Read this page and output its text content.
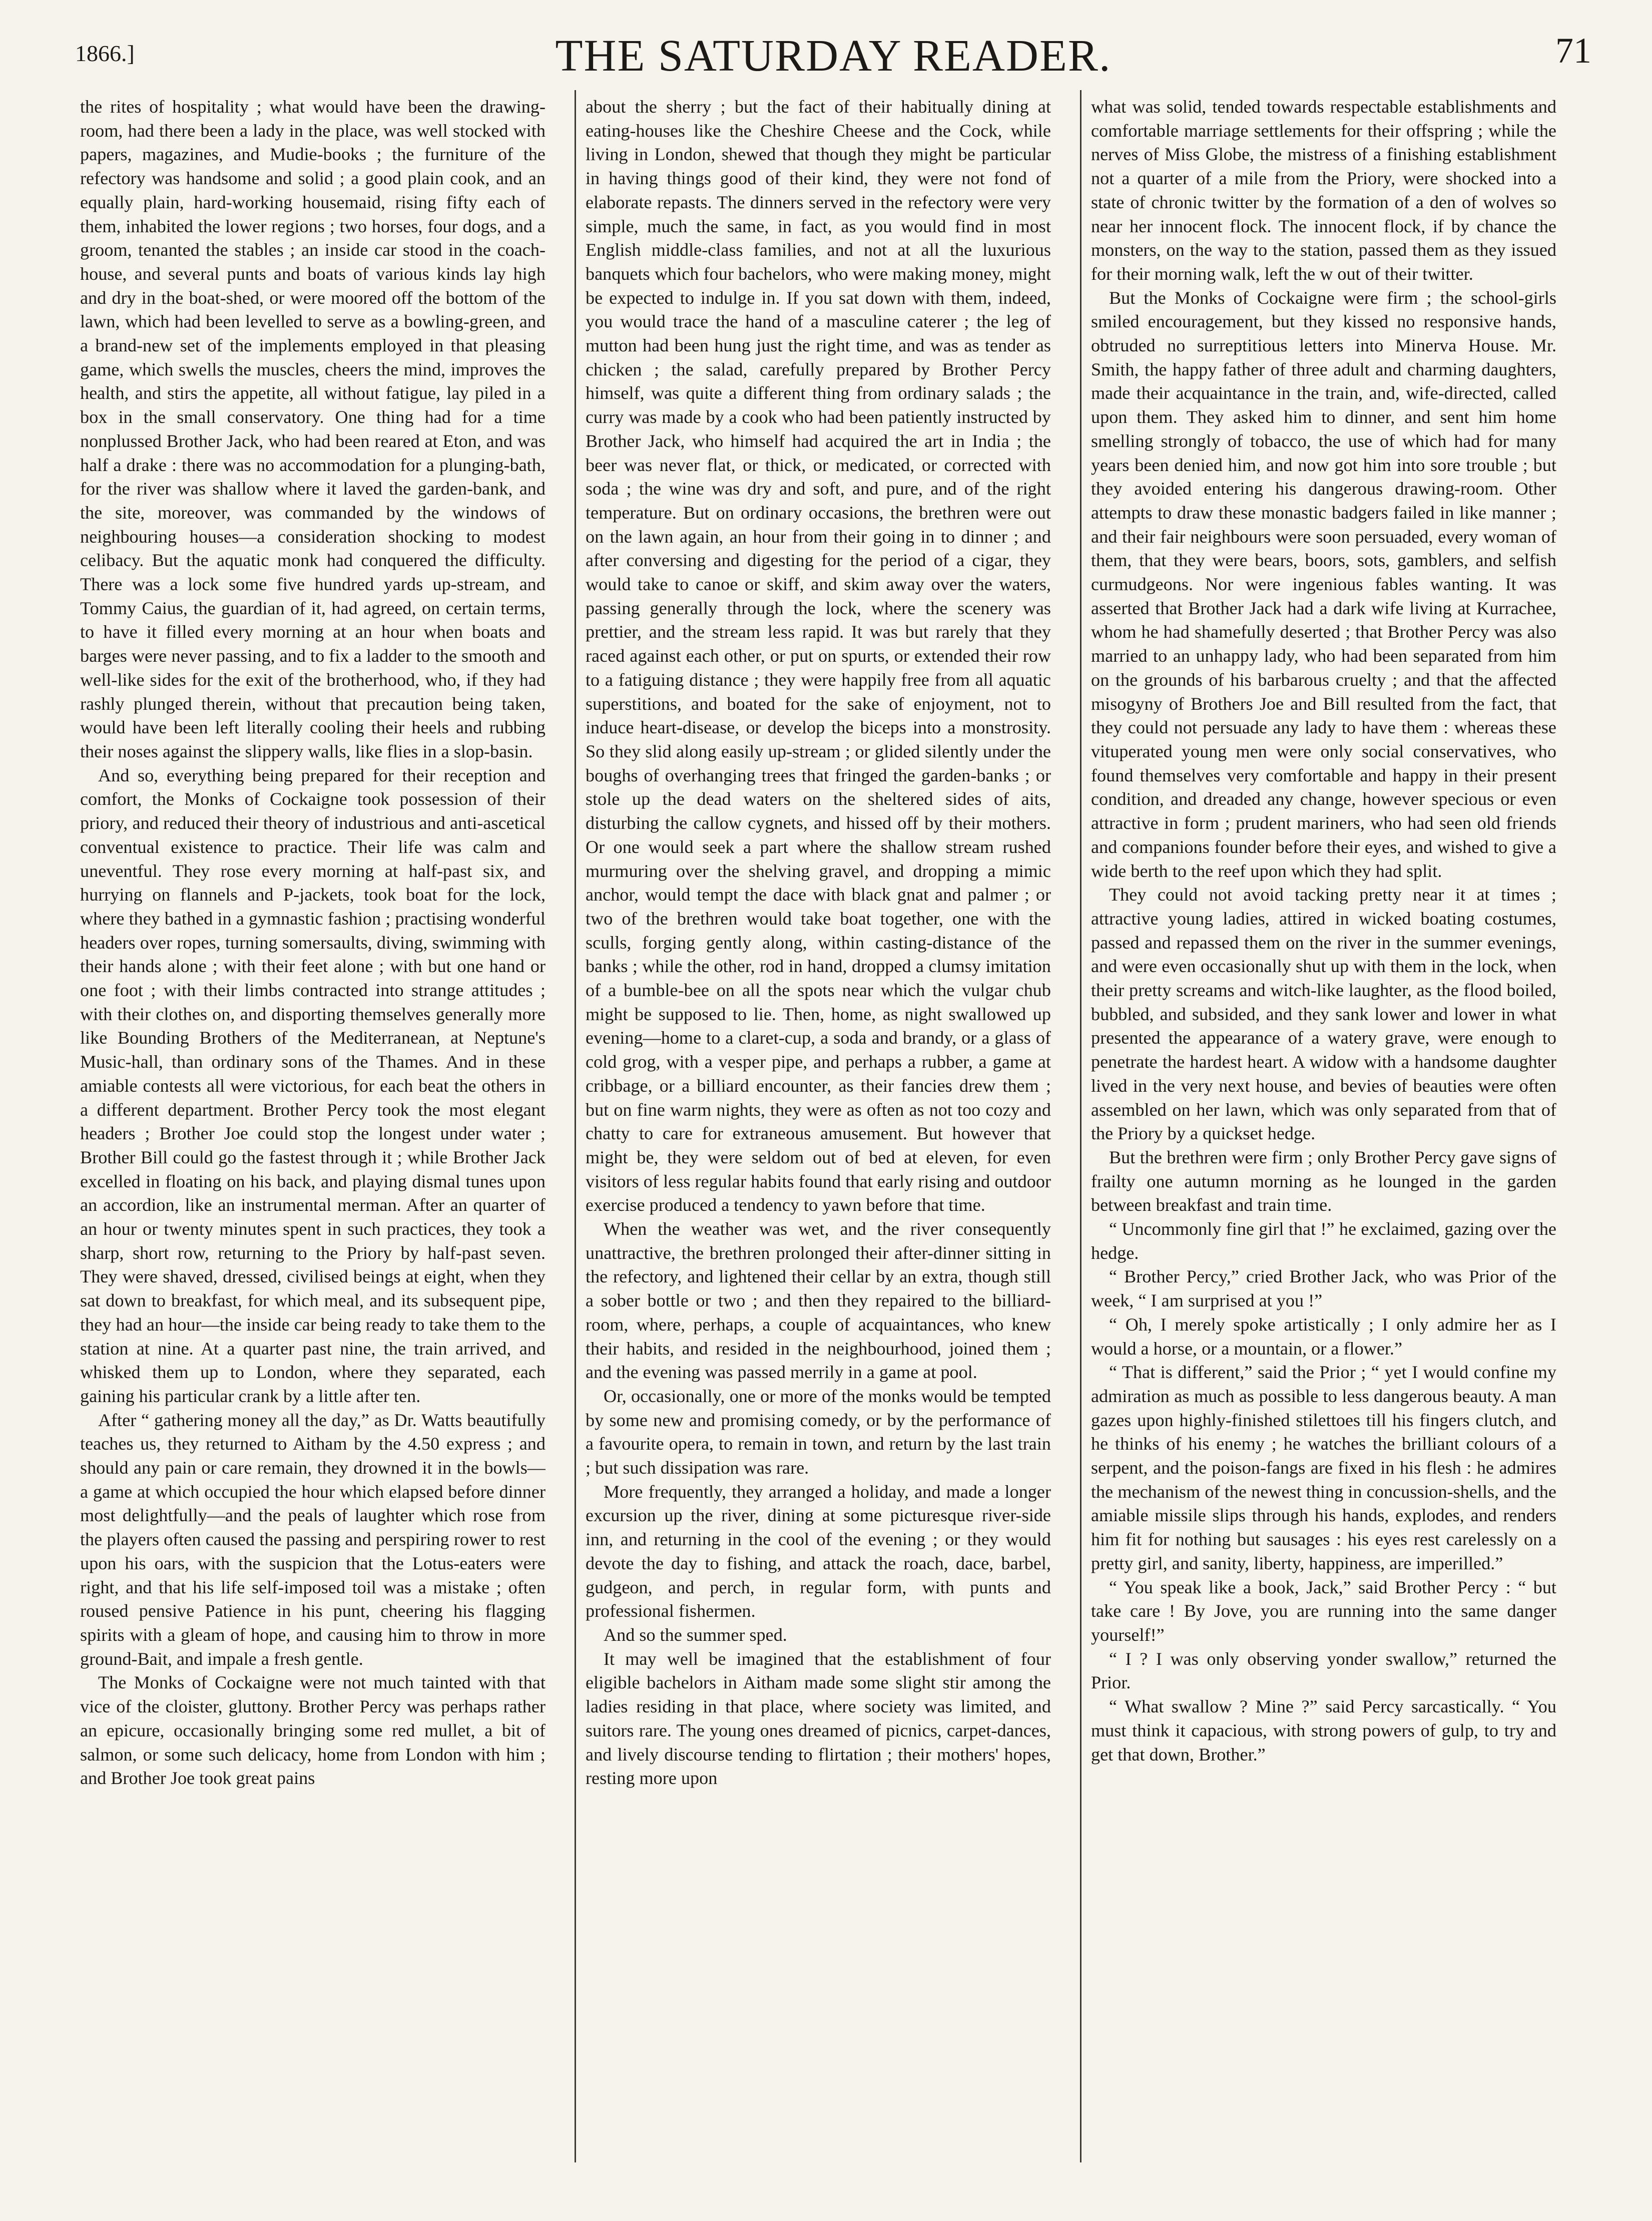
1866.]	THE SATURDAY READER.	71

the rites of hospitality ; what would have been the drawing-room, had there been a lady in the place, was well stocked with papers, magazines, and Mudie-books ; the furniture of the refectory was handsome and solid ; a good plain cook, and an equally plain, hard-working housemaid, rising fifty each of them, inhabited the lower regions ; two horses, four dogs, and a groom, tenanted the stables ; an inside car stood in the coach-house, and several punts and boats of various kinds lay high and dry in the boat-shed, or were moored off the bottom of the lawn, which had been levelled to serve as a bowling-green, and a brand-new set of the implements employed in that pleasing game, which swells the muscles, cheers the mind, improves the health, and stirs the appetite, all without fatigue, lay piled in a box in the small conservatory. One thing had for a time nonplussed Brother Jack, who had been reared at Eton, and was half a drake : there was no accommodation for a plunging-bath, for the river was shallow where it laved the garden-bank, and the site, moreover, was commanded by the windows of neighbouring houses—a consideration shocking to modest celibacy. But the aquatic monk had conquered the difficulty. There was a lock some five hundred yards up-stream, and Tommy Caius, the guardian of it, had agreed, on certain terms, to have it filled every morning at an hour when boats and barges were never passing, and to fix a ladder to the smooth and well-like sides for the exit of the brotherhood, who, if they had rashly plunged therein, without that precaution being taken, would have been left literally cooling their heels and rubbing their noses against the slippery walls, like flies in a slop-basin.

And so, everything being prepared for their reception and comfort, the Monks of Cockaigne took possession of their priory, and reduced their theory of industrious and anti-ascetical conventual existence to practice. Their life was calm and uneventful. They rose every morning at half-past six, and hurrying on flannels and P-jackets, took boat for the lock, where they bathed in a gymnastic fashion ; practising wonderful headers over ropes, turning somersaults, diving, swimming with their hands alone ; with their feet alone ; with but one hand or one foot ; with their limbs contracted into strange attitudes ; with their clothes on, and disporting themselves generally more like Bounding Brothers of the Mediterranean, at Neptune's Music-hall, than ordinary sons of the Thames. And in these amiable contests all were victorious, for each beat the others in a different department. Brother Percy took the most elegant headers ; Brother Joe could stop the longest under water ; Brother Bill could go the fastest through it ; while Brother Jack excelled in floating on his back, and playing dismal tunes upon an accordion, like an instrumental merman. After an quarter of an hour or twenty minutes spent in such practices, they took a sharp, short row, returning to the Priory by half-past seven. They were shaved, dressed, civilised beings at eight, when they sat down to breakfast, for which meal, and its subsequent pipe, they had an hour—the inside car being ready to take them to the station at nine. At a quarter past nine, the train arrived, and whisked them up to London, where they separated, each gaining his particular crank by a little after ten.

After “ gathering money all the day,” as Dr. Watts beautifully teaches us, they returned to Aitham by the 4.50 express ; and should any pain or care remain, they drowned it in the bowls—a game at which occupied the hour which elapsed before dinner most delightfully—and the peals of laughter which rose from the players often caused the passing and perspiring rower to rest upon his oars, with the suspicion that the Lotus-eaters were right, and that his life self-imposed toil was a mistake ; often roused pensive Patience in his punt, cheering his flagging spirits with a gleam of hope, and causing him to throw in more ground-Bait, and impale a fresh gentle.

The Monks of Cockaigne were not much tainted with that vice of the cloister, gluttony. Brother Percy was perhaps rather an epicure, occasionally bringing some red mullet, a bit of salmon, or some such delicacy, home from London with him ; and Brother Joe took great pains

about the sherry ; but the fact of their habitually dining at eating-houses like the Cheshire Cheese and the Cock, while living in London, shewed that though they might be particular in having things good of their kind, they were not fond of elaborate repasts. The dinners served in the refectory were very simple, much the same, in fact, as you would find in most English middle-class families, and not at all the luxurious banquets which four bachelors, who were making money, might be expected to indulge in. If you sat down with them, indeed, you would trace the hand of a masculine caterer ; the leg of mutton had been hung just the right time, and was as tender as chicken ; the salad, carefully prepared by Brother Percy himself, was quite a different thing from ordinary salads ; the curry was made by a cook who had been patiently instructed by Brother Jack, who himself had acquired the art in India ; the beer was never flat, or thick, or medicated, or corrected with soda ; the wine was dry and soft, and pure, and of the right temperature. But on ordinary occasions, the brethren were out on the lawn again, an hour from their going in to dinner ; and after conversing and digesting for the period of a cigar, they would take to canoe or skiff, and skim away over the waters, passing generally through the lock, where the scenery was prettier, and the stream less rapid. It was but rarely that they raced against each other, or put on spurts, or extended their row to a fatiguing distance ; they were happily free from all aquatic superstitions, and boated for the sake of enjoyment, not to induce heart-disease, or develop the biceps into a monstrosity. So they slid along easily up-stream ; or glided silently under the boughs of overhanging trees that fringed the garden-banks ; or stole up the dead waters on the sheltered sides of aits, disturbing the callow cygnets, and hissed off by their mothers. Or one would seek a part where the shallow stream rushed murmuring over the shelving gravel, and dropping a mimic anchor, would tempt the dace with black gnat and palmer ; or two of the brethren would take boat together, one with the sculls, forging gently along, within casting-distance of the banks ; while the other, rod in hand, dropped a clumsy imitation of a bumble-bee on all the spots near which the vulgar chub might be supposed to lie. Then, home, as night swallowed up evening—home to a claret-cup, a soda and brandy, or a glass of cold grog, with a vesper pipe, and perhaps a rubber, a game at cribbage, or a billiard encounter, as their fancies drew them ; but on fine warm nights, they were as often as not too cozy and chatty to care for extraneous amusement. But however that might be, they were seldom out of bed at eleven, for even visitors of less regular habits found that early rising and outdoor exercise produced a tendency to yawn before that time.

When the weather was wet, and the river consequently unattractive, the brethren prolonged their after-dinner sitting in the refectory, and lightened their cellar by an extra, though still a sober bottle or two ; and then they repaired to the billiard-room, where, perhaps, a couple of acquaintances, who knew their habits, and resided in the neighbourhood, joined them ; and the evening was passed merrily in a game at pool.

Or, occasionally, one or more of the monks would be tempted by some new and promising comedy, or by the performance of a favourite opera, to remain in town, and return by the last train ; but such dissipation was rare.

More frequently, they arranged a holiday, and made a longer excursion up the river, dining at some picturesque river-side inn, and returning in the cool of the evening ; or they would devote the day to fishing, and attack the roach, dace, barbel, gudgeon, and perch, in regular form, with punts and professional fishermen.

And so the summer sped.

It may well be imagined that the establishment of four eligible bachelors in Aitham made some slight stir among the ladies residing in that place, where society was limited, and suitors rare. The young ones dreamed of picnics, carpet-dances, and lively discourse tending to flirtation ; their mothers' hopes, resting more upon

what was solid, tended towards respectable establishments and comfortable marriage settlements for their offspring ; while the nerves of Miss Globe, the mistress of a finishing establishment not a quarter of a mile from the Priory, were shocked into a state of chronic twitter by the formation of a den of wolves so near her innocent flock. The innocent flock, if by chance the monsters, on the way to the station, passed them as they issued for their morning walk, left the w out of their twitter.

But the Monks of Cockaigne were firm ; the school-girls smiled encouragement, but they kissed no responsive hands, obtruded no surreptitious letters into Minerva House. Mr. Smith, the happy father of three adult and charming daughters, made their acquaintance in the train, and, wife-directed, called upon them. They asked him to dinner, and sent him home smelling strongly of tobacco, the use of which had for many years been denied him, and now got him into sore trouble ; but they avoided entering his dangerous drawing-room. Other attempts to draw these monastic badgers failed in like manner ; and their fair neighbours were soon persuaded, every woman of them, that they were bears, boors, sots, gamblers, and selfish curmudgeons. Nor were ingenious fables wanting. It was asserted that Brother Jack had a dark wife living at Kurrachee, whom he had shamefully deserted ; that Brother Percy was also married to an unhappy lady, who had been separated from him on the grounds of his barbarous cruelty ; and that the affected misogyny of Brothers Joe and Bill resulted from the fact, that they could not persuade any lady to have them : whereas these vituperated young men were only social conservatives, who found themselves very comfortable and happy in their present condition, and dreaded any change, however specious or even attractive in form ; prudent mariners, who had seen old friends and companions founder before their eyes, and wished to give a wide berth to the reef upon which they had split.

They could not avoid tacking pretty near it at times ; attractive young ladies, attired in wicked boating costumes, passed and repassed them on the river in the summer evenings, and were even occasionally shut up with them in the lock, when their pretty screams and witch-like laughter, as the flood boiled, bubbled, and subsided, and they sank lower and lower in what presented the appearance of a watery grave, were enough to penetrate the hardest heart. A widow with a handsome daughter lived in the very next house, and bevies of beauties were often assembled on her lawn, which was only separated from that of the Priory by a quickset hedge.

But the brethren were firm ; only Brother Percy gave signs of frailty one autumn morning as he lounged in the garden between breakfast and train time.

“ Uncommonly fine girl that !” he exclaimed, gazing over the hedge.

“ Brother Percy,” cried Brother Jack, who was Prior of the week, “ I am surprised at you !”

“ Oh, I merely spoke artistically ; I only admire her as I would a horse, or a mountain, or a flower.”

“ That is different,” said the Prior ; “ yet I would confine my admiration as much as possible to less dangerous beauty. A man gazes upon highly-finished stilettoes till his fingers clutch, and he thinks of his enemy ; he watches the brilliant colours of a serpent, and the poison-fangs are fixed in his flesh : he admires the mechanism of the newest thing in concussion-shells, and the amiable missile slips through his hands, explodes, and renders him fit for nothing but sausages : his eyes rest carelessly on a pretty girl, and sanity, liberty, happiness, are imperilled.”

“ You speak like a book, Jack,” said Brother Percy : “ but take care ! By Jove, you are running into the same danger yourself!”

“ I ? I was only observing yonder swallow,” returned the Prior.

“ What swallow ? Mine ?” said Percy sarcastically. “ You must think it capacious, with strong powers of gulp, to try and get that down, Brother.”
